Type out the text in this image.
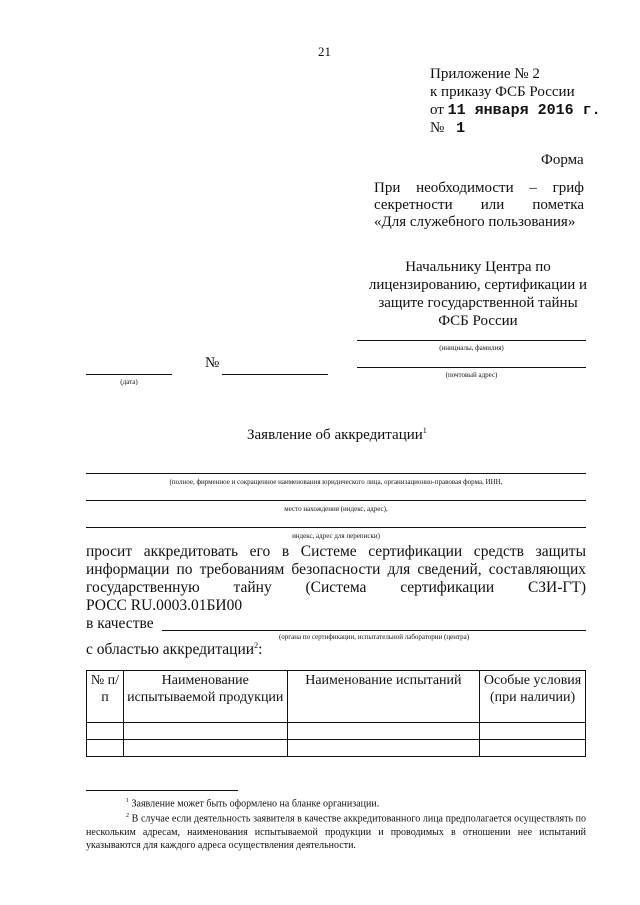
21
Приложение № 2
к приказу ФСБ России
от 11 января 2016 г.
№ 1
Форма
При необходимости – гриф
секретности или пометка
«Для служебного пользования»
Начальнику Центра по
лицензированию, сертификации и
защите государственной тайны
ФСБ России
(инициалы, фамилия)
(почтовый адрес)
(дата)
№
Заявление об аккредитации$^1$
(полное, фирменное и сокращенное наименования юридического лица, организационно-правовая форма, ИНН,
место нахождения (индекс, адрес),
индекс, адрес для переписки)
просит аккредитовать его в Системе сертификации средств защиты
информации по требованиям безопасности для сведений, составляющих
государственную тайну (Система сертификации СЗИ-ГТ)
РОСС RU.0003.01БИ00
в качестве
(органа по сертификации, испытательной лаборатории (центра)
с областью аккредитации$^2$:
№ п/п	Наименование испытываемой продукции	Наименование испытаний	Особые условия (при наличии)

$^1$ Заявление может быть оформлено на бланке организации.
$^2$ В случае если деятельность заявителя в качестве аккредитованного лица предполагается осуществлять по нескольким адресам, наименования испытываемой продукции и проводимых в отношении нее испытаний указываются для каждого адреса осуществления деятельности.
